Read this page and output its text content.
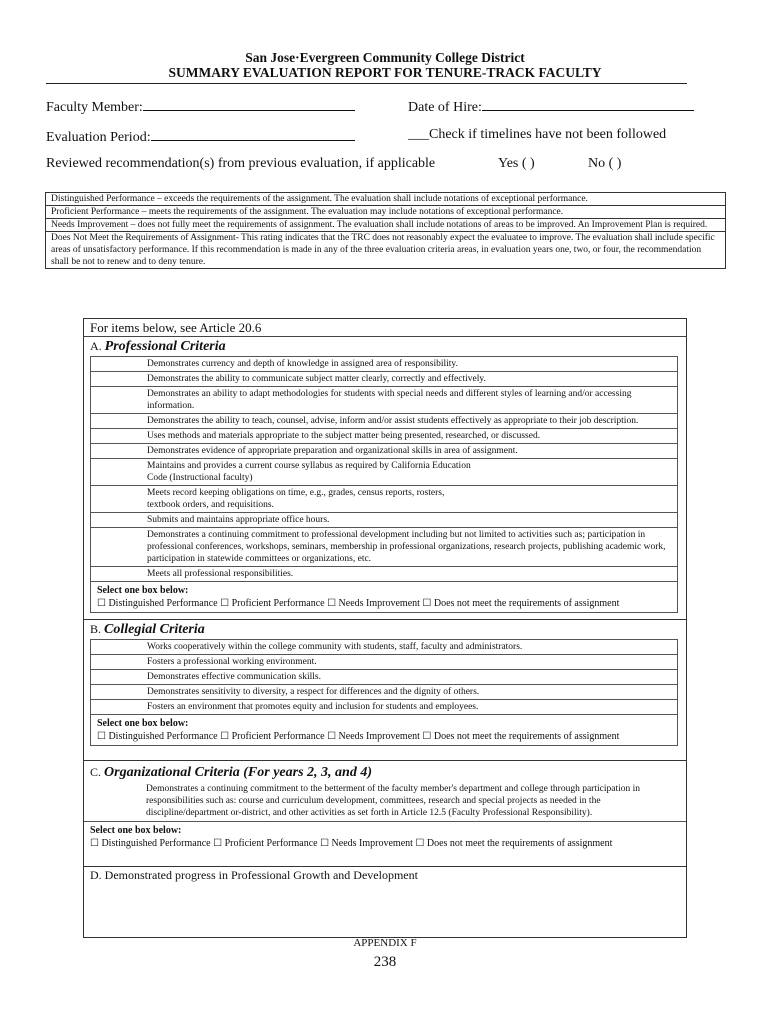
San Jose·Evergreen Community College District
SUMMARY EVALUATION REPORT FOR TENURE-TRACK FACULTY
Faculty Member:	Date of Hire:
Evaluation Period:	___Check if timelines have not been followed
Reviewed recommendation(s) from previous evaluation, if applicable	Yes ( )	No ( )
Distinguished Performance – exceeds the requirements of the assignment. The evaluation shall include notations of exceptional performance.
Proficient Performance – meets the requirements of the assignment. The evaluation may include notations of exceptional performance.
Needs Improvement – does not fully meet the requirements of assignment. The evaluation shall include notations of areas to be improved. An Improvement Plan is required.
Does Not Meet the Requirements of Assignment- This rating indicates that the TRC does not reasonably expect the evaluatee to improve. The evaluation shall include specific areas of unsatisfactory performance. If this recommendation is made in any of the three evaluation criteria areas, in evaluation years one, two, or four, the recommendation shall be not to renew and to deny tenure.
For items below, see Article 20.6
A. Professional Criteria
Demonstrates currency and depth of knowledge in assigned area of responsibility.
Demonstrates the ability to communicate subject matter clearly, correctly and effectively.
Demonstrates an ability to adapt methodologies for students with special needs and different styles of learning and/or accessing information.
Demonstrates the ability to teach, counsel, advise, inform and/or assist students effectively as appropriate to their job description.
Uses methods and materials appropriate to the subject matter being presented, researched, or discussed.
Demonstrates evidence of appropriate preparation and organizational skills in area of assignment.
Maintains and provides a current course syllabus as required by California Education Code (Instructional faculty)
Meets record keeping obligations on time, e.g., grades, census reports, rosters, textbook orders, and requisitions.
Submits and maintains appropriate office hours.
Demonstrates a continuing commitment to professional development including but not limited to activities such as; participation in professional conferences, workshops, seminars, membership in professional organizations, research projects, publishing academic work, participation in statewide committees or organizations, etc.
Meets all professional responsibilities.
Select one box below:
☐ Distinguished Performance ☐ Proficient Performance ☐ Needs Improvement ☐ Does not meet the requirements of assignment
B. Collegial Criteria
Works cooperatively within the college community with students, staff, faculty and administrators.
Fosters a professional working environment.
Demonstrates effective communication skills.
Demonstrates sensitivity to diversity, a respect for differences and the dignity of others.
Fosters an environment that promotes equity and inclusion for students and employees.
Select one box below:
☐ Distinguished Performance ☐ Proficient Performance ☐ Needs Improvement ☐ Does not meet the requirements of assignment
C. Organizational Criteria (For years 2, 3, and 4)
Demonstrates a continuing commitment to the betterment of the faculty member's department and college through participation in responsibilities such as: course and curriculum development, committees, research and special projects as needed in the discipline/department or-district, and other activities as set forth in Article 12.5 (Faculty Professional Responsibility).
Select one box below:
☐ Distinguished Performance ☐ Proficient Performance ☐ Needs Improvement ☐ Does not meet the requirements of assignment
D. Demonstrated progress in Professional Growth and Development
APPENDIX F
238
